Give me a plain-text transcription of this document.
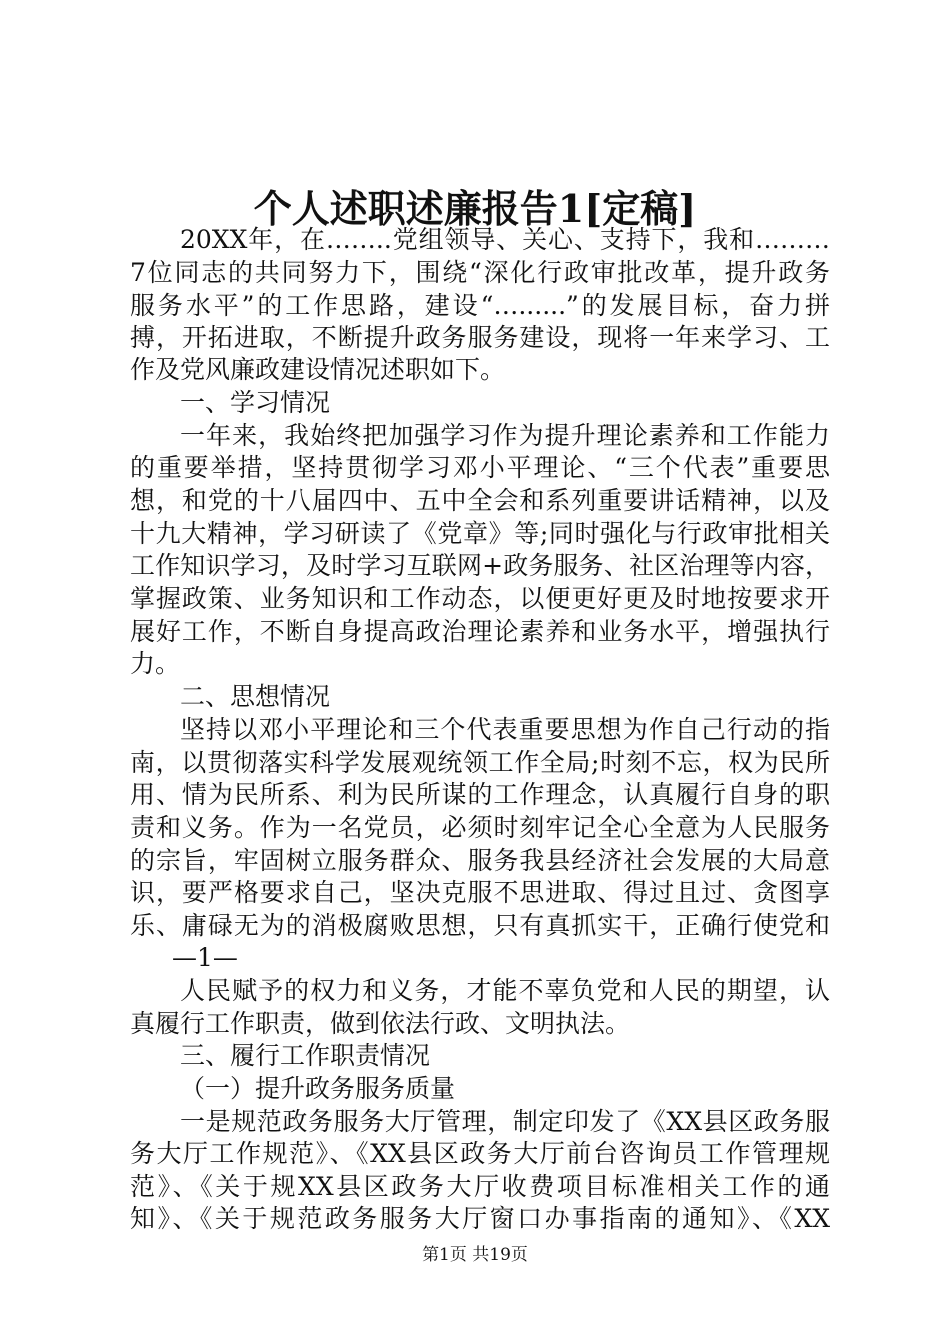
个人述职述廉报告1[定稿]
20XX年，在……..党组领导、关心、支持下，我和………
7位同志的共同努力下，围绕“深化行政审批改革，提升政务
服务水平”的工作思路，建设“…......”的发展目标，奋力拼
搏，开拓进取，不断提升政务服务建设，现将一年来学习、工
作及党风廉政建设情况述职如下。
一、学习情况
一年来，我始终把加强学习作为提升理论素养和工作能力
的重要举措，坚持贯彻学习邓小平理论、“三个代表”重要思
想，和党的十八届四中、五中全会和系列重要讲话精神，以及
十九大精神，学习研读了《党章》等;同时强化与行政审批相关
工作知识学习，及时学习互联网+政务服务、社区治理等内容，
掌握政策、业务知识和工作动态，以便更好更及时地按要求开
展好工作，不断自身提高政治理论素养和业务水平，增强执行
力。
二、思想情况
坚持以邓小平理论和三个代表重要思想为作自己行动的指
南，以贯彻落实科学发展观统领工作全局;时刻不忘，权为民所
用、情为民所系、利为民所谋的工作理念，认真履行自身的职
责和义务。作为一名党员，必须时刻牢记全心全意为人民服务
的宗旨，牢固树立服务群众、服务我县经济社会发展的大局意
识，要严格要求自己，坚决克服不思进取、得过且过、贪图享
乐、庸碌无为的消极腐败思想，只有真抓实干，正确行使党和
人民赋予的权力和义务，才能不辜负党和人民的期望，认
真履行工作职责，做到依法行政、文明执法。
三、履行工作职责情况
（一）提升政务服务质量
一是规范政务服务大厅管理，制定印发了《XX县区政务服
务大厅工作规范》、《XX县区政务大厅前台咨询员工作管理规
范》、《关于规XX县区政务大厅收费项目标准相关工作的通
知》、《关于规范政务服务大厅窗口办事指南的通知》、《XX
—1—
第1页 共19页
